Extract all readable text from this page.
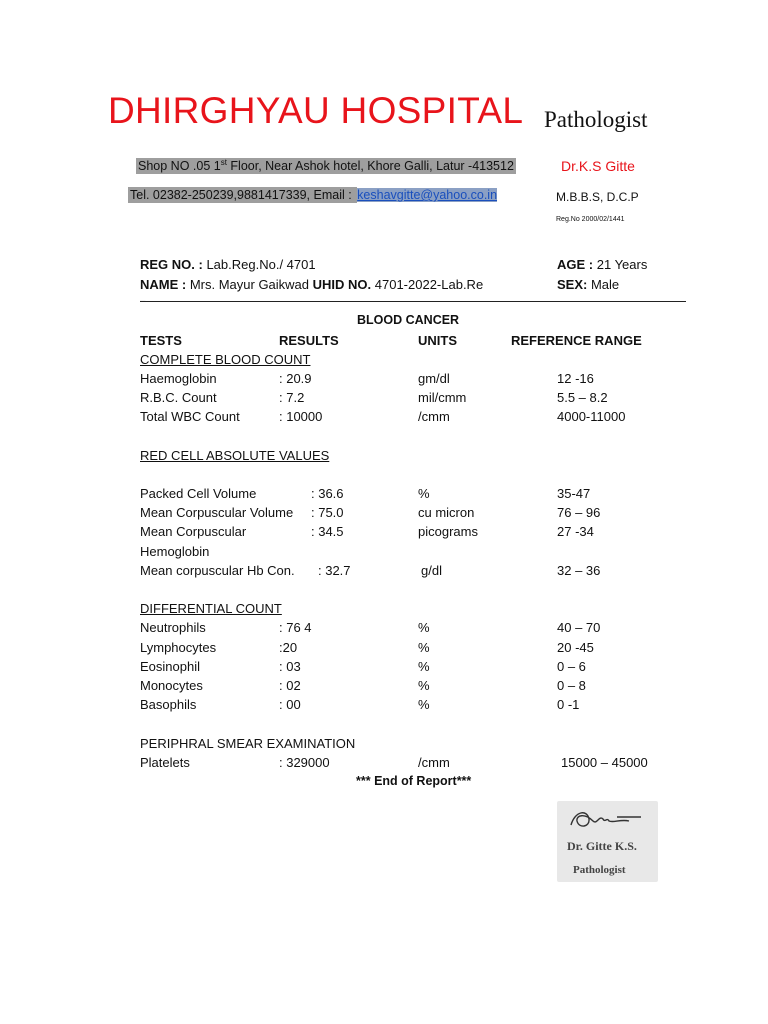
DHIRGHYAU HOSPITAL Pathologist
Shop NO .05 1st Floor, Near Ashok hotel, Khore Galli, Latur -413512
Tel. 02382-250239,9881417339, Email : keshavgitte@yahoo.co.in
Dr.K.S Gitte
M.B.B.S, D.C.P
Reg.No 2000/02/1441
REG NO. : Lab.Reg.No./ 4701	AGE : 21 Years
NAME : Mrs. Mayur Gaikwad UHID NO. 4701-2022-Lab.Re	SEX: Male
–
BLOOD CANCER
TESTS	RESULTS	UNITS	REFERENCE RANGE
COMPLETE BLOOD COUNT
Haemoglobin	: 20.9	gm/dl	12 -16
R.B.C. Count	: 7.2	mil/cmm	5.5 – 8.2
Total WBC Count	: 10000	/cmm	4000-11000
RED CELL ABSOLUTE VALUES
Packed Cell Volume	: 36.6	%	35-47
Mean Corpuscular Volume : 75.0	cu micron	76 – 96
Mean Corpuscular
Hemoglobin
: 34.5	picograms	27 -34
Mean corpuscular Hb Con. : 32.7	g/dl	32 – 36
DIFFERENTIAL COUNT
Neutrophils	: 76 4	%	40 – 70
Lymphocytes	:20	%	20 -45
Eosinophil	: 03	%	0 – 6
Monocytes	: 02	%	0 – 8
Basophils	: 00	%	0 -1
PERIPHRAL SMEAR EXAMINATION
Platelets	: 329000	/cmm	15000 – 45000
*** End of Report***
Dr. Gitte K.S.
Pathologist
